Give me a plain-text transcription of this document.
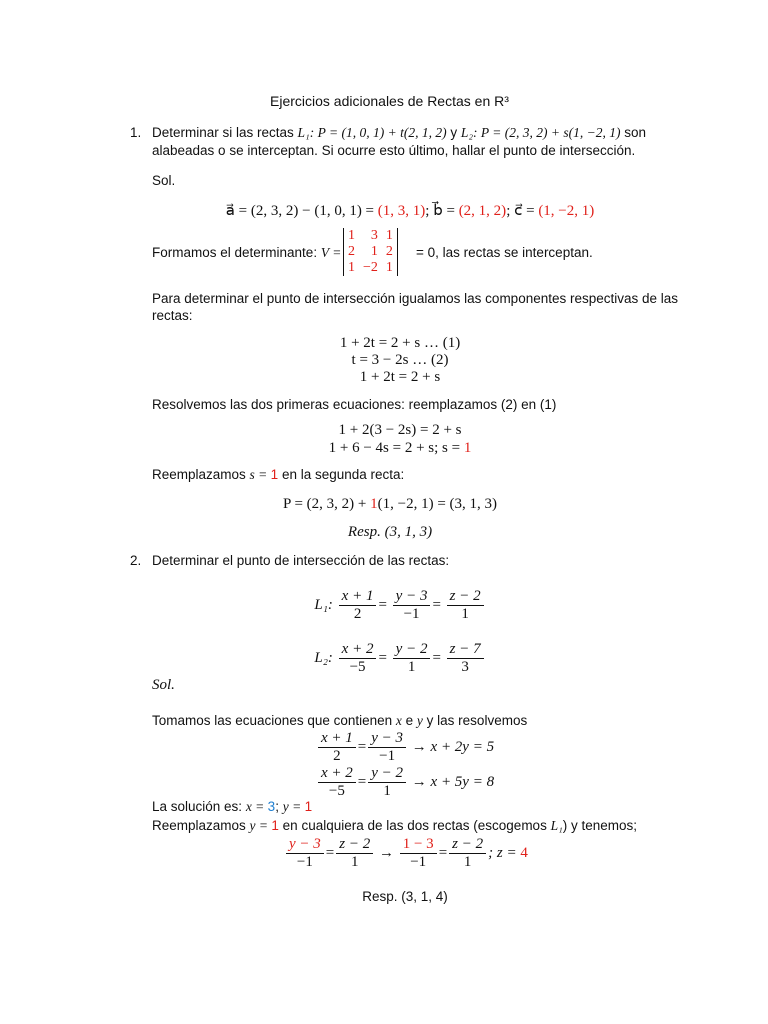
Ejercicios adicionales de Rectas en R³
1. Determinar si las rectas L₁: P = (1, 0, 1) + t(2, 1, 2) y L₂: P = (2, 3, 2) + s(1, −2, 1) son
alabeadas o se interceptan. Si ocurre esto último, hallar el punto de intersección.
Sol.
a⃗ = (2, 3, 2) − (1, 0, 1) = (1, 3, 1); b⃗ = (2, 1, 2); c⃗ = (1, −2, 1)
Formamos el determinante: V =
1	3	1
2	1	2
1	−2	1
= 0, las rectas se interceptan.
Para determinar el punto de intersección igualamos las componentes respectivas de las
rectas:
1 + 2t = 2 + s … (1)
t = 3 − 2s … (2)
1 + 2t = 2 + s
Resolvemos las dos primeras ecuaciones: reemplazamos (2) en (1)
1 + 2(3 − 2s) = 2 + s
1 + 6 − 4s = 2 + s; s = 1
Reemplazamos s = 1 en la segunda recta:
P = (2, 3, 2) + 1(1, −2, 1) = (3, 1, 3)
Resp. (3, 1, 3)
2. Determinar el punto de intersección de las rectas:
L₁: $\frac{x + 1}{2} = \frac{y - 3}{-1} = \frac{z - 2}{1}$
L₂: $\frac{x + 2}{-5} = \frac{y - 2}{1} = \frac{z - 7}{3}$
Sol.
Tomamos las ecuaciones que contienen x e y y las resolvemos
$\frac{x + 1}{2} = \frac{y - 3}{-1} \to x + 2y = 5$
$\frac{x + 2}{-5} = \frac{y - 2}{1} \to x + 5y = 8$
La solución es: x = 3; y = 1
Reemplazamos y = 1 en cualquiera de las dos rectas (escogemos L₁) y tenemos;
$\frac{y - 3}{-1} = \frac{z - 2}{1} \to \frac{1 - 3}{-1} = \frac{z - 2}{1}$ ; z = 4
Resp. (3, 1, 4)
